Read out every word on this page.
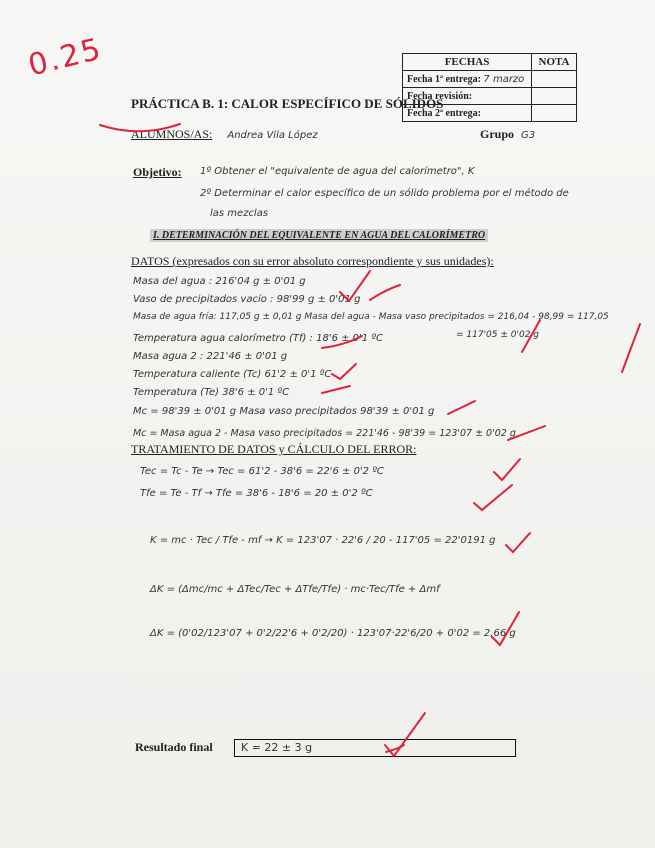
0.25	FECHAS	NOTA
Fecha 1ª entrega: 7 marzo	
Fecha revisión:	
Fecha 2ª entrega:	
PRÁCTICA B. 1: CALOR ESPECÍFICO DE SÓLIDOS
ALUMNOS/AS: Andrea Vila López	Grupo G3
Objetivo: 1º Obtener el "equivalente de agua del calorímetro", K
2º Determinar el calor específico de un sólido problema por el método de
las mezclas
I. DETERMINACIÓN DEL EQUIVALENTE EN AGUA DEL CALORÍMETRO
DATOS (expresados con su error absoluto correspondiente y sus unidades):
Masa del agua : 216'04 g ± 0'01 g
Vaso de precipitados vacío : 98'99 g ± 0'01 g
Masa de agua fría: 117,05 g ± 0,01 g Masa del agua - Masa vaso precipitados = 216,04 - 98,99 = 117,05
= 117'05 ± 0'02 g
Temperatura agua calorímetro (Tf) : 18'6 ± 0'1 ºC
Masa agua 2 : 221'46 ± 0'01 g
Temperatura caliente (Tc) 61'2 ± 0'1 ºC
Temperatura (Te) 38'6 ± 0'1 ºC
Mc = 98'39 ± 0'01 g Masa vaso precipitados 98'39 ± 0'01 g
Mc = Masa agua 2 - Masa vaso precipitados = 221'46 - 98'39 = 123'07 ± 0'02 g
TRATAMIENTO DE DATOS y CÁLCULO DEL ERROR:
Tec = Tc - Te → Tec = 61'2 - 38'6 = 22'6 ± 0'2 ºC
Tfe = Te - Tf → Tfe = 38'6 - 18'6 = 20 ± 0'2 ºC
K = mc · Tec / Tfe - mf → K = 123'07 · 22'6 / 20 - 117'05 = 22'0191 g
ΔK = (Δmc/mc + ΔTec/Tec + ΔTfe/Tfe) · mc·Tec/Tfe + Δmf
ΔK = (0'02/123'07 + 0'2/22'6 + 0'2/20) · 123'07·22'6/20 + 0'02 = 2,66 g
Resultado final	K = 22 ± 3 g
